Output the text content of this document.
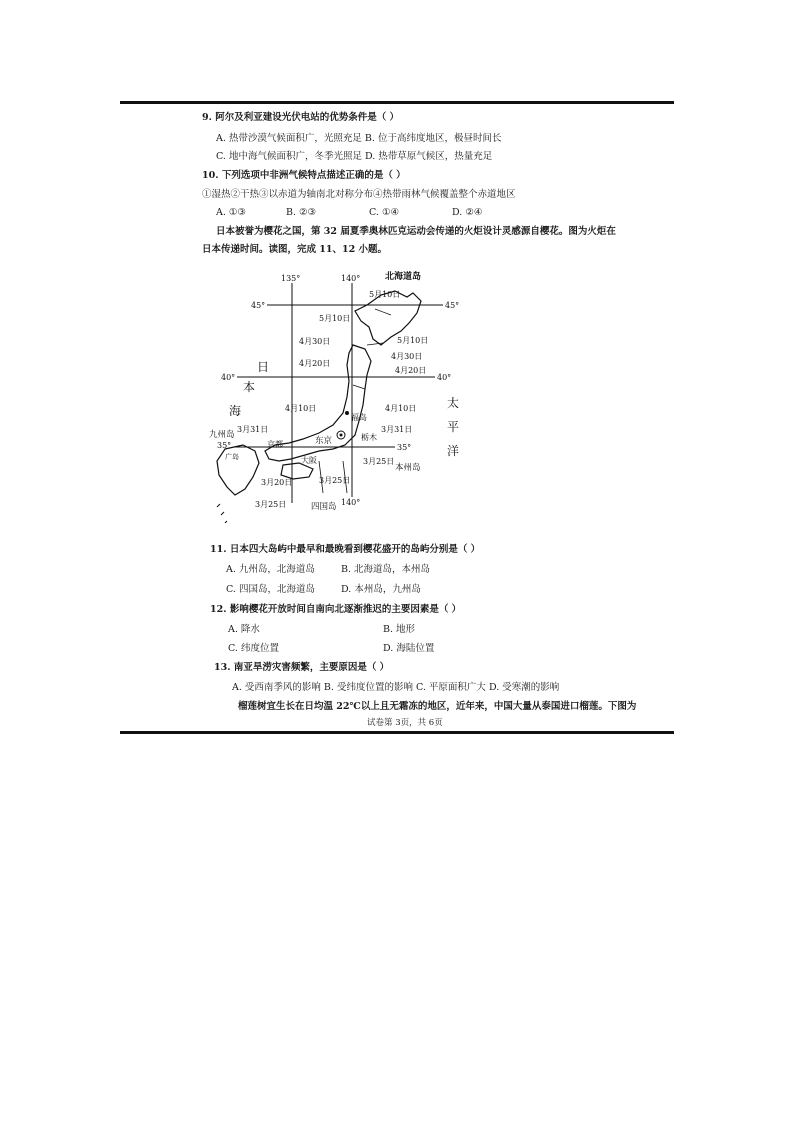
9. 阿尔及利亚建设光伏电站的优势条件是（ ）
A. 热带沙漠气候面积广，光照充足 B. 位于高纬度地区，极昼时间长
C. 地中海气候面积广，冬季光照足 D. 热带草原气候区，热量充足
10. 下列选项中非洲气候特点描述正确的是（ ）
①湿热②干热③以赤道为轴南北对称分布④热带雨林气候覆盖整个赤道地区
A. ①③	B. ②③	C. ①④	D. ②④
日本被誉为樱花之国，第 32 届夏季奥林匹克运动会传递的火炬设计灵感源自樱花。图为火炬在
日本传递时间。读图，完成 11、12 小题。
135°	140°
140°
45°	45°
40°	40°
35°	35°
北海道岛
本州岛
九州岛
四国岛
日
本
海
太
平
洋
福岛
栃木
东京
京都
大阪
广岛
5月10日
5月10日
5月10日
4月30日
4月30日
4月20日
4月20日
4月10日	4月10日
3月31日	3月31日
3月25日
3月25日
3月25日
3月20日
11. 日本四大岛屿中最早和最晚看到樱花盛开的岛屿分别是（ ）
A. 九州岛，北海道岛	B. 北海道岛，本州岛
C. 四国岛，北海道岛	D. 本州岛，九州岛
12. 影响樱花开放时间自南向北逐渐推迟的主要因素是（ ）
A. 降水	B. 地形
C. 纬度位置	D. 海陆位置
13. 南亚旱涝灾害频繁，主要原因是（ ）
A. 受西南季风的影响 B. 受纬度位置的影响 C. 平原面积广大 D. 受寒潮的影响
榴莲树宜生长在日均温 22℃以上且无霜冻的地区，近年来，中国大量从泰国进口榴莲。下图为
试卷第 3页，共 6页
